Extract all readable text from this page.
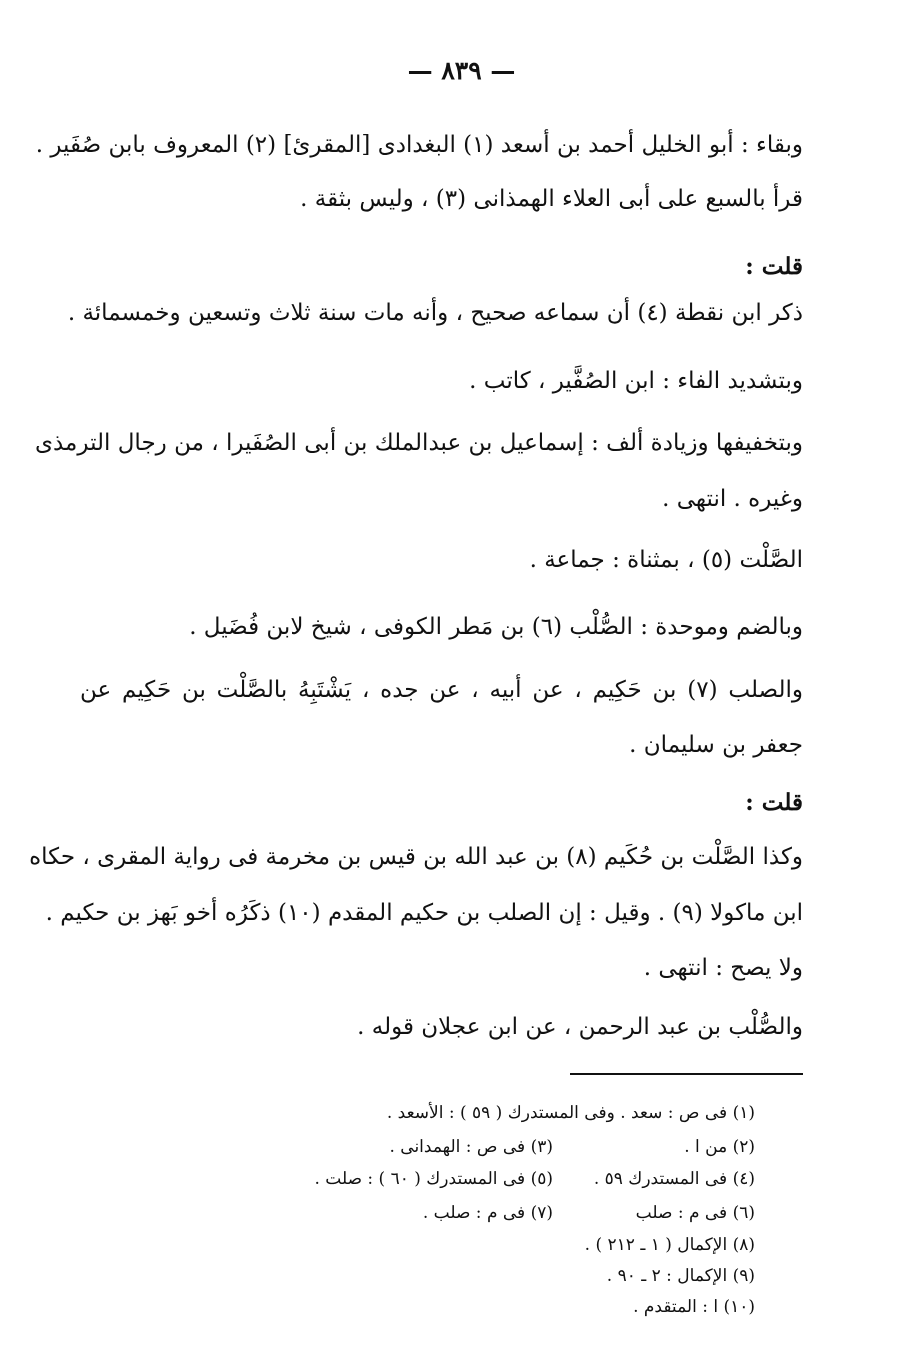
— ٨٣٩ —
وبقاء : أبو الخليل أحمد بن أسعد (١) البغدادى [المقرئ] (٢) المعروف بابن صُفَير .
قرأ بالسبع على أبى العلاء الهمذانى (٣) ، وليس بثقة .
قلت :
ذكر ابن نقطة (٤) أن سماعه صحيح ، وأنه مات سنة ثلاث وتسعين وخمسمائة .
وبتشديد الفاء : ابن الصُفَّير ، كاتب .
وبتخفيفها وزيادة ألف : إسماعيل بن عبدالملك بن أبى الصُفَيرا ، من رجال الترمذى
وغيره . انتهى .
الصَّلْت (٥) ، بمثناة : جماعة .
وبالضم وموحدة : الصُّلْب (٦) بن مَطر الكوفى ، شيخ لابن فُضَيل .
والصلب (٧) بن حَكِيم ، عن أبيه ، عن جده ، يَشْتَبِهُ بالصَّلْت بن حَكِيم عن
جعفر بن سليمان .
قلت :
وكذا الصَّلْت بن حُكَيم (٨) بن عبد الله بن قيس بن مخرمة فى رواية المقرى ، حكاه
ابن ماكولا (٩) . وقيل : إن الصلب بن حكيم المقدم (١٠) ذكَرُه أخو بَهز بن حكيم .
ولا يصح : انتهى .
والصُّلْب بن عبد الرحمن ، عن ابن عجلان قوله .
(١) فى ص : سعد . وفى المستدرك ( ٥٩ ) : الأسعد .
(٢) من ا .
(٣) فى ص : الهمدانى .
(٤) فى المستدرك ٥٩ .
(٥) فى المستدرك ( ٦٠ ) : صلت .
(٦) فى م : صلب
(٧) فى م : صلب .
(٨) الإكمال ( ١ ـ ٢١٢ ) .
(٩) الإكمال : ٢ ـ ٩٠ .
(١٠) ا : المتقدم .
